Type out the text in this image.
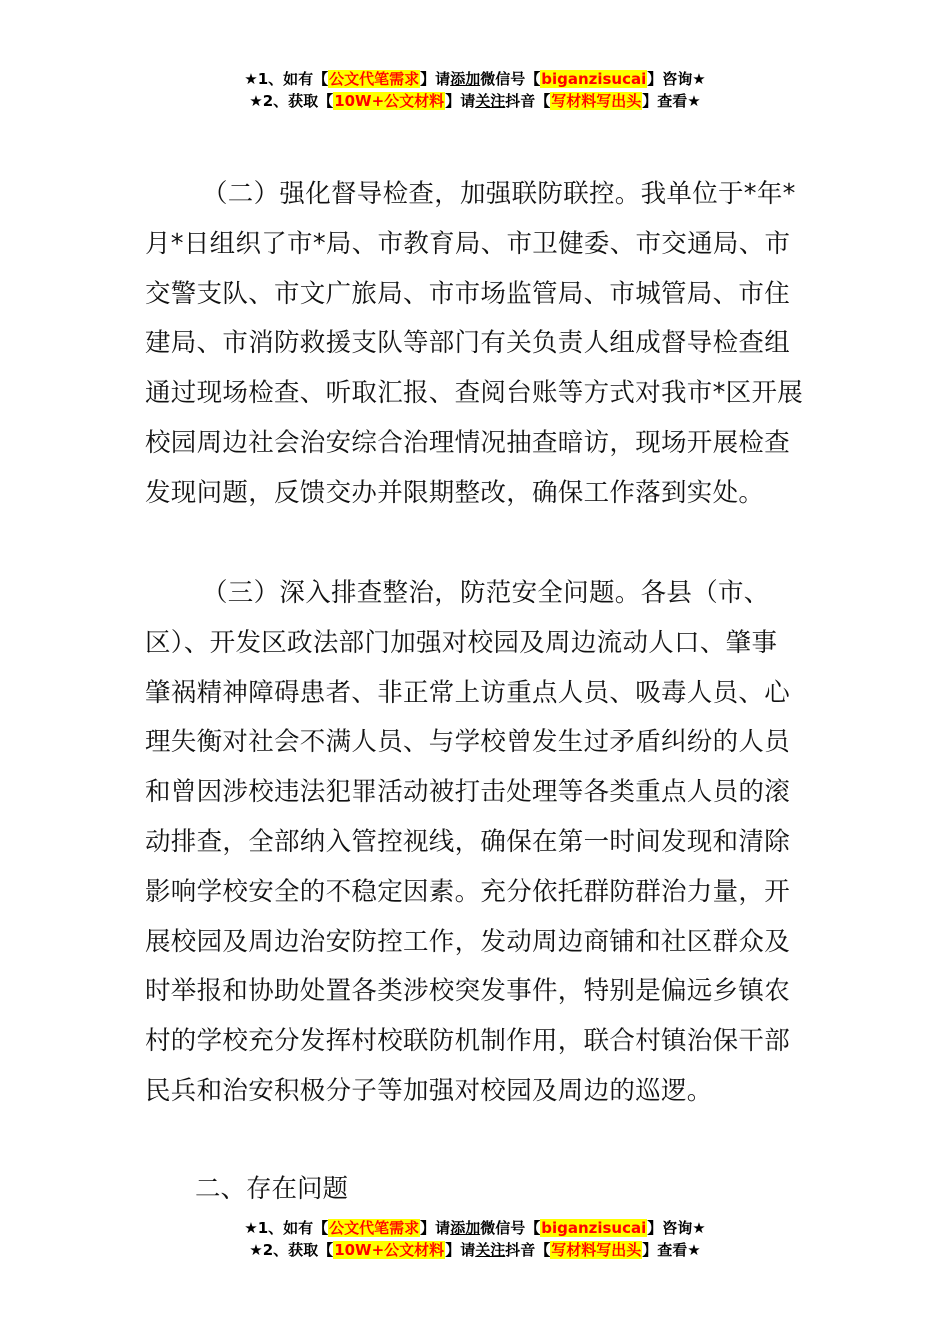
★1、如有【公文代笔需求】请添加微信号【biganzisucai】咨询★
★2、获取【10W+公文材料】请关注抖音【写材料写出头】查看★

（二）强化督导检查，加强联防联控。我单位于*年*
月*日组织了市*局、市教育局、市卫健委、市交通局、市
交警支队、市文广旅局、市市场监管局、市城管局、市住
建局、市消防救援支队等部门有关负责人组成督导检查组
通过现场检查、听取汇报、查阅台账等方式对我市*区开展
校园周边社会治安综合治理情况抽查暗访，现场开展检查
发现问题，反馈交办并限期整改，确保工作落到实处。

（三）深入排查整治，防范安全问题。各县（市、
区）、开发区政法部门加强对校园及周边流动人口、肇事
肇祸精神障碍患者、非正常上访重点人员、吸毒人员、心
理失衡对社会不满人员、与学校曾发生过矛盾纠纷的人员
和曾因涉校违法犯罪活动被打击处理等各类重点人员的滚
动排查，全部纳入管控视线，确保在第一时间发现和清除
影响学校安全的不稳定因素。充分依托群防群治力量，开
展校园及周边治安防控工作，发动周边商铺和社区群众及
时举报和协助处置各类涉校突发事件，特别是偏远乡镇农
村的学校充分发挥村校联防机制作用，联合村镇治保干部
民兵和治安积极分子等加强对校园及周边的巡逻。

二、存在问题
★1、如有【公文代笔需求】请添加微信号【biganzisucai】咨询★
★2、获取【10W+公文材料】请关注抖音【写材料写出头】查看★
